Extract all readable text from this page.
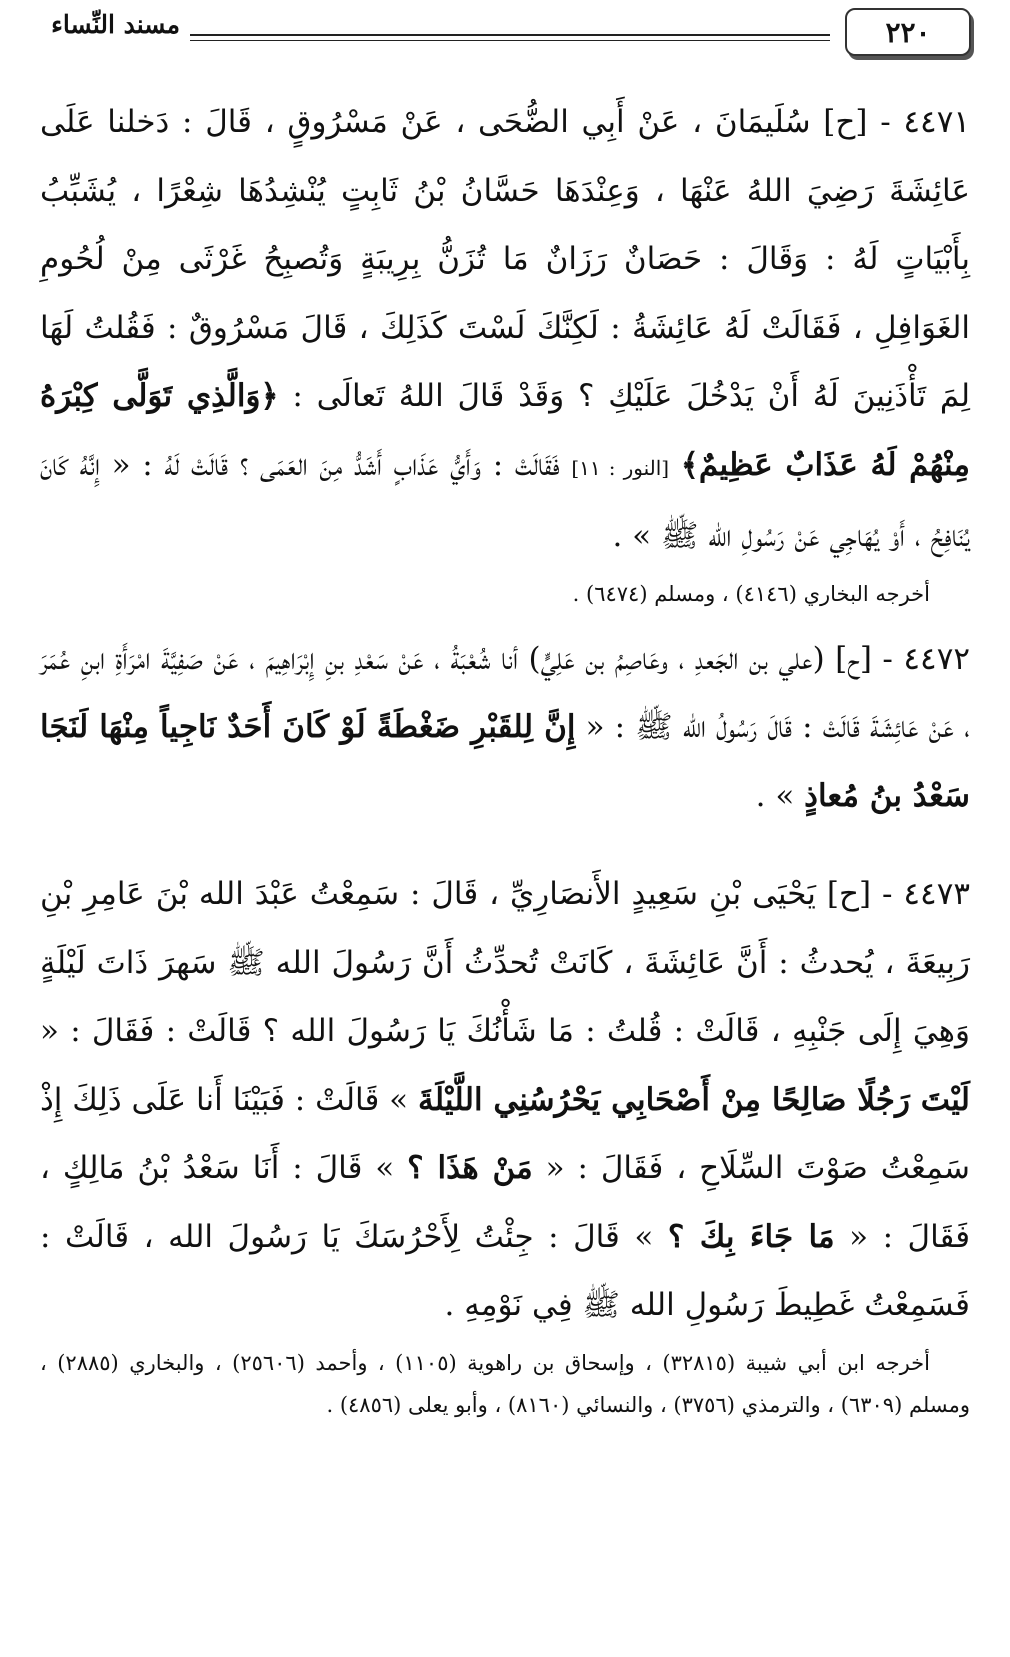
٢٢٠
مسند النِّساء

٤٤٧١ - [ح] سُلَيمَانَ ، عَنْ أَبِي الضُّحَى ، عَنْ مَسْرُوقٍ ، قَالَ : دَخلنا عَلَى عَائِشَةَ رَضِيَ اللهُ عَنْهَا ، وَعِنْدَهَا حَسَّانُ بْنُ ثَابِتٍ يُنْشِدُهَا شِعْرًا ، يُشَبِّبُ بِأَبْيَاتٍ لَهُ : وَقَالَ : حَصَانٌ رَزَانٌ مَا تُزَنُّ بِرِيبَةٍ وَتُصبِحُ غَرْثَى مِنْ لُحُومِ الغَوَافِلِ ، فَقَالَتْ لَهُ عَائِشَةُ : لَكِنَّكَ لَسْتَ كَذَلِكَ ، قَالَ مَسْرُوقٌ : فَقُلتُ لَهَا لِمَ تَأْذَنِينَ لَهُ أَنْ يَدْخُلَ عَلَيْكِ ؟ وَقَدْ قَالَ اللهُ تَعالَى : ﴿وَالَّذِي تَوَلَّى كِبْرَهُ مِنْهُمْ لَهُ عَذَابٌ عَظِيمٌ﴾ [النور : ١١] فَقَالَتْ : وَأَيُّ عَذَابٍ أَشَدُّ مِنَ العَمَى ؟ قَالَتْ لَهُ : « إِنَّهُ كَانَ يُنَافِحُ ، أَوْ يُهَاجِي عَنْ رَسُولِ الله ﷺ » .

أخرجه البخاري (٤١٤٦) ، ومسلم (٦٤٧٤) .

٤٤٧٢ - [ح] (علي بن الجَعدِ ، وعَاصِمُ بن عَلِيٍّ) أنا شُعْبَةُ ، عَنْ سَعْدِ بنِ إِبْرَاهِيمَ ، عَنْ صَفِيَّةَ امْرَأَةِ ابنِ عُمَرَ ، عَنْ عَائِشَةَ قَالَتْ : قَالَ رَسُولُ الله ﷺ : « إِنَّ لِلقَبْرِ ضَغْطَةً لَوْ كَانَ أَحَدٌ نَاجِياً مِنْهَا لَنَجَا سَعْدُ بنُ مُعاذٍ » .

٤٤٧٣ - [ح] يَحْيَى بْنِ سَعِيدٍ الأَنصَارِيِّ ، قَالَ : سَمِعْتُ عَبْدَ الله بْنَ عَامِرِ بْنِ رَبِيعَةَ ، يُحدثُ : أَنَّ عَائِشَةَ ، كَانَتْ تُحدِّثُ أَنَّ رَسُولَ الله ﷺ سَهرَ ذَاتَ لَيْلَةٍ وَهِيَ إِلَى جَنْبِهِ ، قَالَتْ : قُلتُ : مَا شَأْنُكَ يَا رَسُولَ الله ؟ قَالَتْ : فَقَالَ : « لَيْتَ رَجُلًا صَالِحًا مِنْ أَصْحَابِي يَحْرُسُنِي اللَّيْلَةَ » قَالَتْ : فَبَيْنَا أَنا عَلَى ذَلِكَ إِذْ سَمِعْتُ صَوْتَ السِّلَاحِ ، فَقَالَ : « مَنْ هَذَا ؟ » قَالَ : أَنَا سَعْدُ بْنُ مَالِكٍ ، فَقَالَ : « مَا جَاءَ بِكَ ؟ » قَالَ : جِئْتُ لِأَحْرُسَكَ يَا رَسُولَ الله ، قَالَتْ : فَسَمِعْتُ غَطِيطَ رَسُولِ الله ﷺ فِي نَوْمِهِ .

أخرجه ابن أبي شيبة (٣٢٨١٥) ، وإسحاق بن راهوية (١١٠٥) ، وأحمد (٢٥٦٠٦) ، والبخاري (٢٨٨٥) ، ومسلم (٦٣٠٩) ، والترمذي (٣٧٥٦) ، والنسائي (٨١٦٠) ، وأبو يعلى (٤٨٥٦) .
